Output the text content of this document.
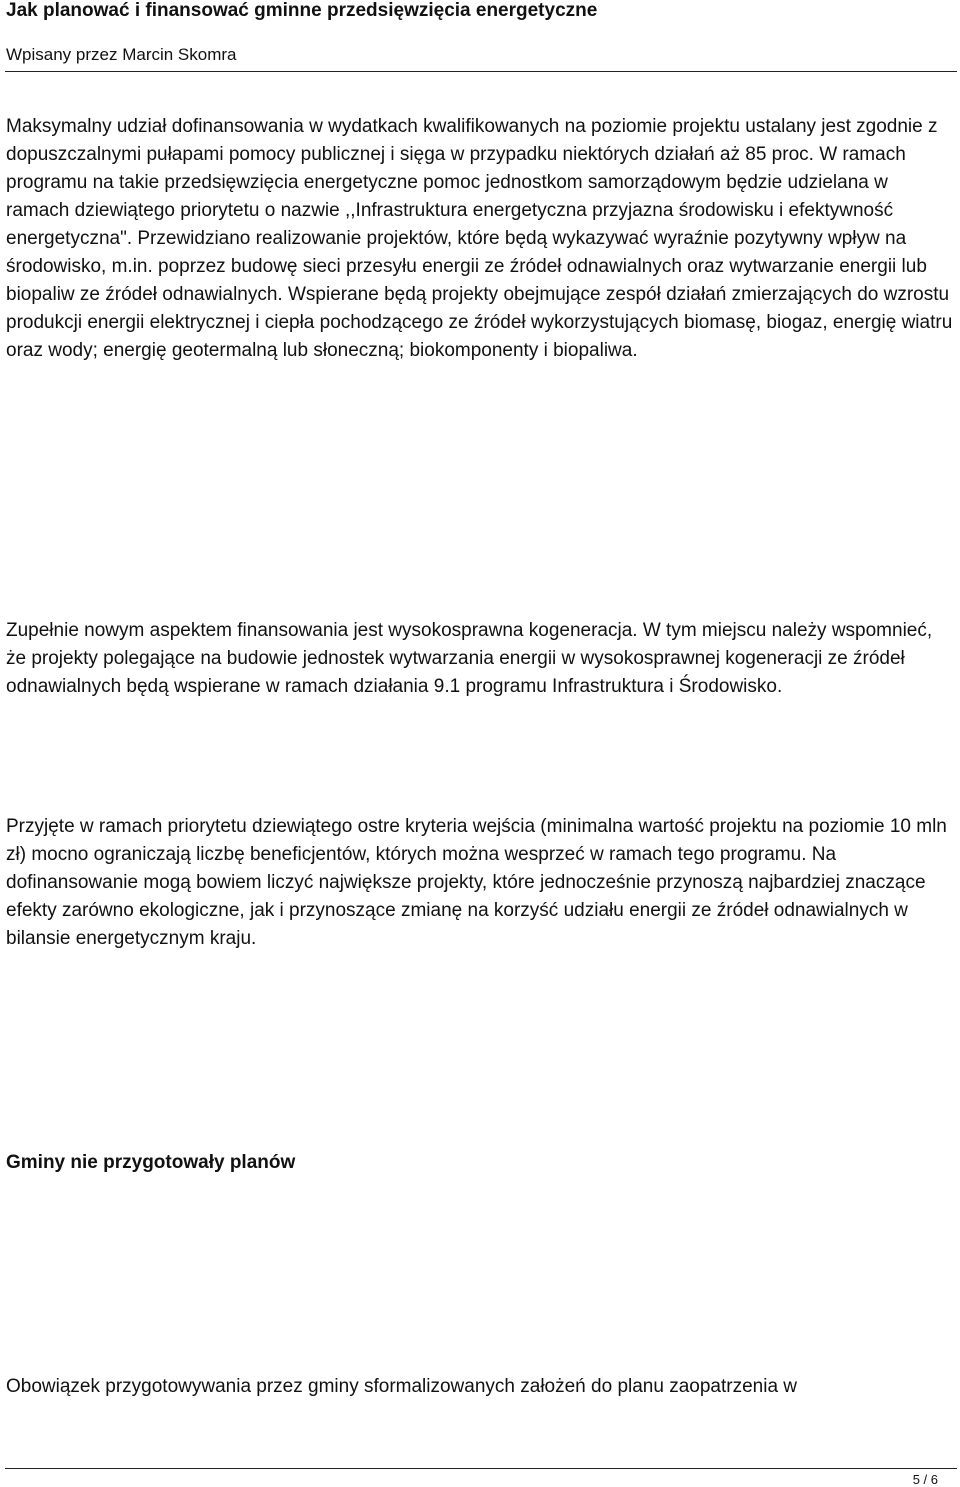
Jak planować i finansować gminne przedsięwzięcia energetyczne
Wpisany przez Marcin Skomra

Maksymalny udział dofinansowania w wydatkach kwalifikowanych na poziomie projektu ustalany jest zgodnie z dopuszczalnymi pułapami pomocy publicznej i sięga w przypadku niektórych działań aż 85 proc. W ramach programu na takie przedsięwzięcia energetyczne pomoc jednostkom samorządowym będzie udzielana w ramach dziewiątego priorytetu o nazwie ,,Infrastruktura energetyczna przyjazna środowisku i efektywność energetyczna". Przewidziano realizowanie projektów, które będą wykazywać wyraźnie pozytywny wpływ na środowisko, m.in. poprzez budowę sieci przesyłu energii ze źródeł odnawialnych oraz wytwarzanie energii lub biopaliw ze źródeł odnawialnych. Wspierane będą projekty obejmujące zespół działań zmierzających do wzrostu produkcji energii elektrycznej i ciepła pochodzącego ze źródeł wykorzystujących biomasę, biogaz, energię wiatru oraz wody; energię geotermalną lub słoneczną; biokomponenty i biopaliwa.

Zupełnie nowym aspektem finansowania jest wysokosprawna kogeneracja. W tym miejscu należy wspomnieć, że projekty polegające na budowie jednostek wytwarzania energii w wysokosprawnej kogeneracji ze źródeł odnawialnych będą wspierane w ramach działania 9.1 programu Infrastruktura i Środowisko.

Przyjęte w ramach priorytetu dziewiątego ostre kryteria wejścia (minimalna wartość projektu na poziomie 10 mln zł) mocno ograniczają liczbę beneficjentów, których można wesprzeć w ramach tego programu. Na dofinansowanie mogą bowiem liczyć największe projekty, które jednocześnie przynoszą najbardziej znaczące efekty zarówno ekologiczne, jak i przynoszące zmianę na korzyść udziału energii ze źródeł odnawialnych w bilansie energetycznym kraju.

Gminy nie przygotowały planów

Obowiązek przygotowywania przez gminy sformalizowanych założeń do planu zaopatrzenia w

5 / 6
